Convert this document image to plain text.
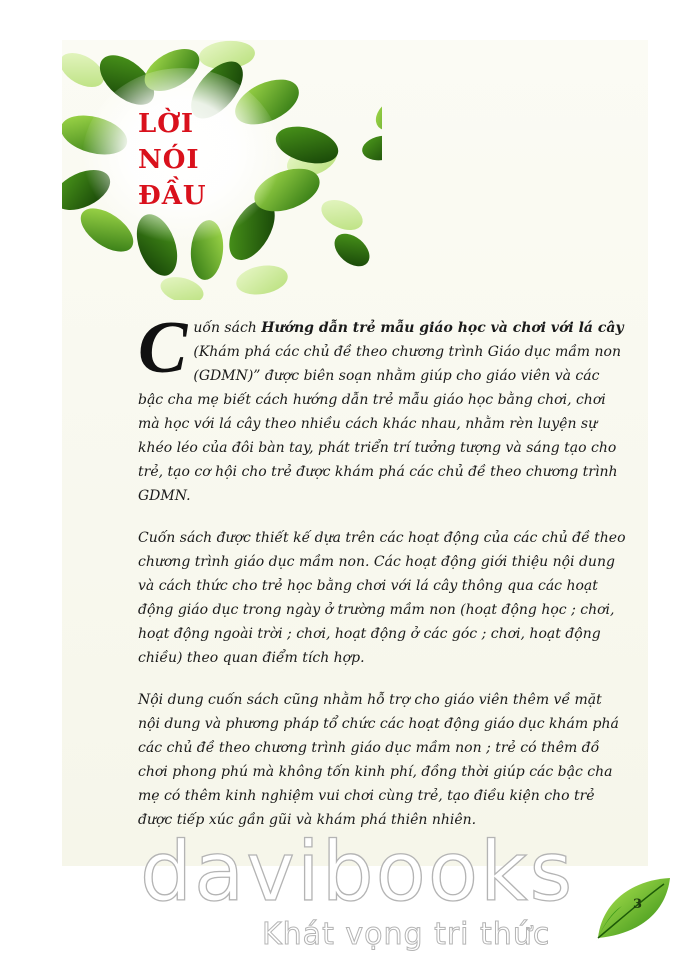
LỜI
NÓI
ĐẦU

Cuốn sách Hướng dẫn trẻ mẫu giáo học và chơi với lá cây (Khám phá các chủ đề theo chương trình Giáo dục mầm non (GDMN)” được biên soạn nhằm giúp cho giáo viên và các bậc cha mẹ biết cách hướng dẫn trẻ mẫu giáo học bằng chơi, chơi mà học với lá cây theo nhiều cách khác nhau, nhằm rèn luyện sự khéo léo của đôi bàn tay, phát triển trí tưởng tượng và sáng tạo cho trẻ, tạo cơ hội cho trẻ được khám phá các chủ đề theo chương trình GDMN.

Cuốn sách được thiết kế dựa trên các hoạt động của các chủ đề theo chương trình giáo dục mầm non. Các hoạt động giới thiệu nội dung và cách thức cho trẻ học bằng chơi với lá cây thông qua các hoạt động giáo dục trong ngày ở trường mầm non (hoạt động học ; chơi, hoạt động ngoài trời ; chơi, hoạt động ở các góc ; chơi, hoạt động chiều) theo quan điểm tích hợp.

Nội dung cuốn sách cũng nhằm hỗ trợ cho giáo viên thêm về mặt nội dung và phương pháp tổ chức các hoạt động giáo dục khám phá các chủ đề theo chương trình giáo dục mầm non ; trẻ có thêm đồ chơi phong phú mà không tốn kinh phí, đồng thời giúp các bậc cha mẹ có thêm kinh nghiệm vui chơi cùng trẻ, tạo điều kiện cho trẻ được tiếp xúc gần gũi và khám phá thiên nhiên.

davibooks
Khát vọng tri thức
3
